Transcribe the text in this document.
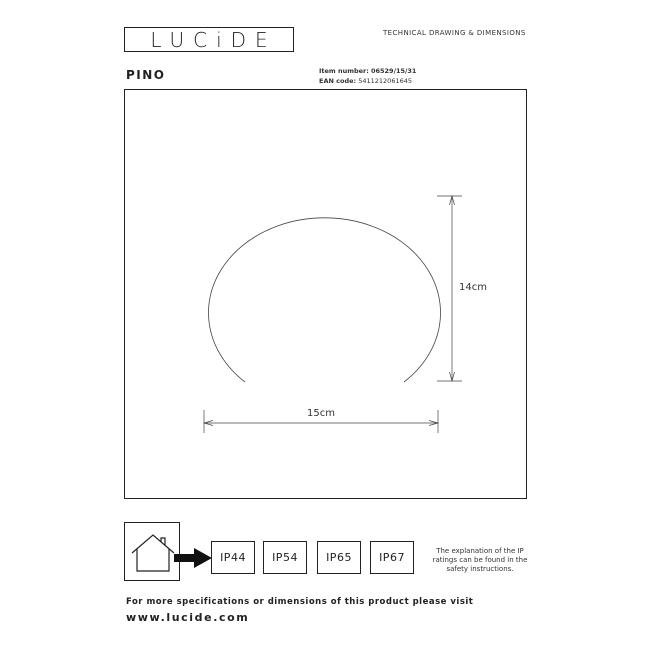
LUCiDE	TECHNICAL DRAWING & DIMENSIONS
PINO	Item number: 06529/15/31
EAN code: 5411212061645
14cm
15cm
IP44	IP54	IP65	IP67	The explanation of the IP ratings can be found in the safety instructions.
For more specifications or dimensions of this product please visit
www.lucide.com
